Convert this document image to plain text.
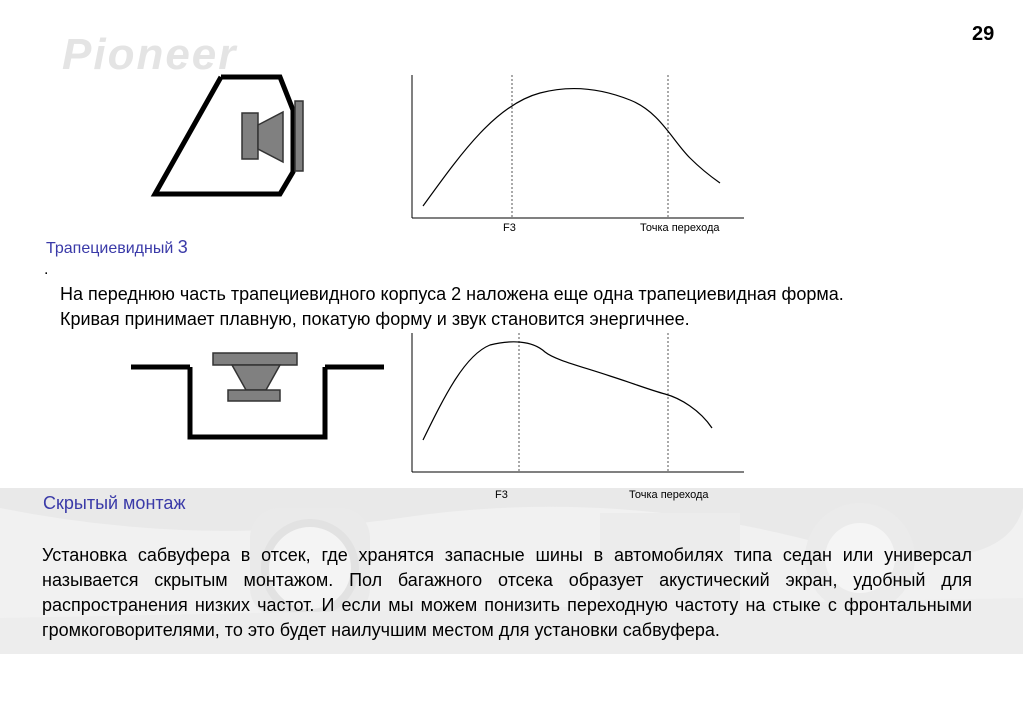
Pioneer	29
F3	Точка перехода
F3	Точка перехода
Трапециевидный 3
.
На переднюю часть трапециевидного корпуса 2 наложена еще одна трапециевидная форма.
Кривая принимает плавную, покатую форму и звук становится энергичнее.
Скрытый монтаж
Установка сабвуфера в отсек, где хранятся запасные шины в автомобилях типа седан или универсал называется скрытым монтажом. Пол багажного отсека образует акустический экран, удобный для распространения низких частот. И если мы можем понизить переходную частоту на стыке с фронтальными громкоговорителями, то это будет наилучшим местом для установки сабвуфера.
